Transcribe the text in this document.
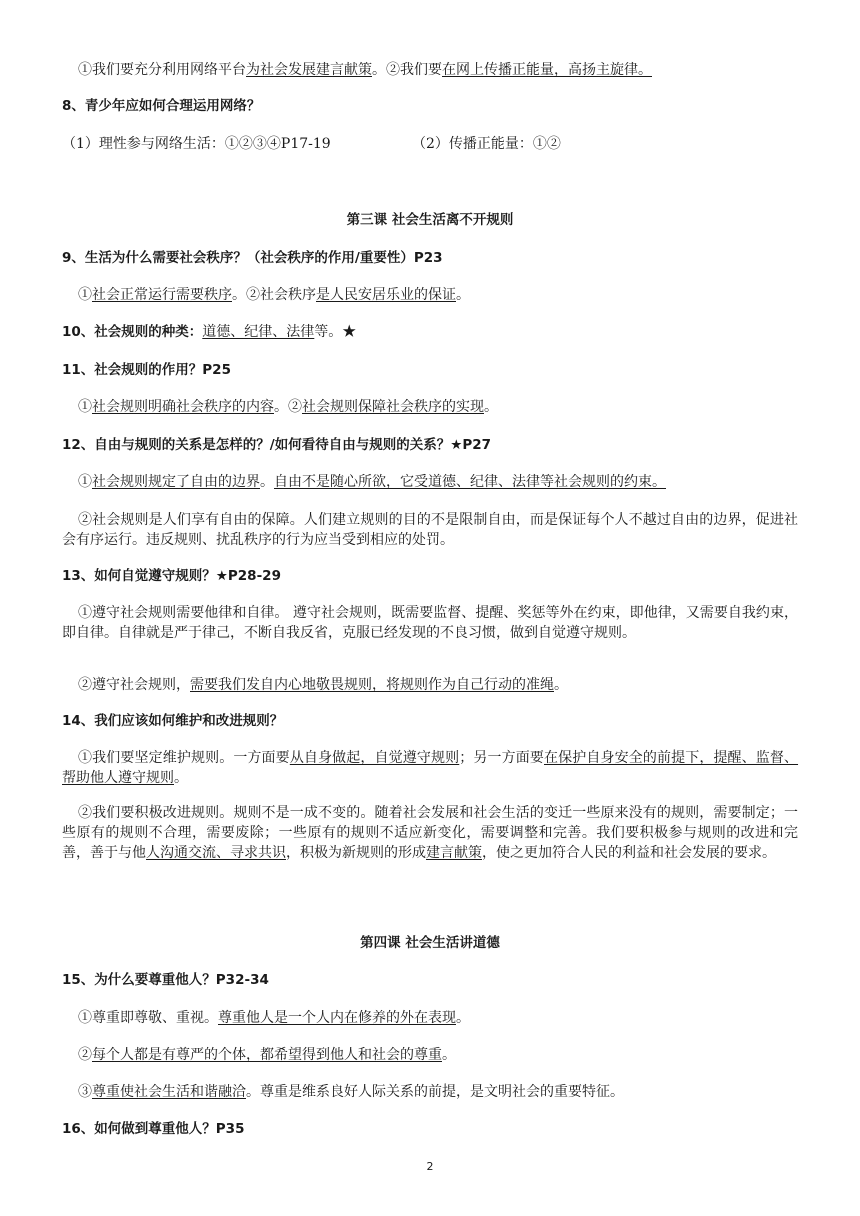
①我们要充分利用网络平台为社会发展建言献策。②我们要在网上传播正能量，高扬主旋律。
8、青少年应如何合理运用网络？
（1）理性参与网络生活：①②③④P17-19	（2）传播正能量：①②
第三课 社会生活离不开规则
9、生活为什么需要社会秩序？（社会秩序的作用/重要性）P23
①社会正常运行需要秩序。②社会秩序是人民安居乐业的保证。
10、社会规则的种类：道德、纪律、法律等。★
11、社会规则的作用？P25
①社会规则明确社会秩序的内容。②社会规则保障社会秩序的实现。
12、自由与规则的关系是怎样的？/如何看待自由与规则的关系？★P27
①社会规则规定了自由的边界。自由不是随心所欲，它受道德、纪律、法律等社会规则的约束。
②社会规则是人们享有自由的保障。人们建立规则的目的不是限制自由，而是保证每个人不越过自由的边界，促进社会有序运行。违反规则、扰乱秩序的行为应当受到相应的处罚。
13、如何自觉遵守规则？★P28-29
①遵守社会规则需要他律和自律。 遵守社会规则，既需要监督、提醒、奖惩等外在约束，即他律，又需要自我约束，即自律。自律就是严于律己，不断自我反省，克服已经发现的不良习惯，做到自觉遵守规则。
②遵守社会规则，需要我们发自内心地敬畏规则，将规则作为自己行动的准绳。
14、我们应该如何维护和改进规则？
①我们要坚定维护规则。一方面要从自身做起，自觉遵守规则；另一方面要在保护自身安全的前提下，提醒、监督、帮助他人遵守规则。
②我们要积极改进规则。规则不是一成不变的。随着社会发展和社会生活的变迁一些原来没有的规则，需要制定；一些原有的规则不合理，需要废除；一些原有的规则不适应新变化，需要调整和完善。我们要积极参与规则的改进和完善，善于与他人沟通交流、寻求共识，积极为新规则的形成建言献策，使之更加符合人民的利益和社会发展的要求。
第四课 社会生活讲道德
15、为什么要尊重他人？P32-34
①尊重即尊敬、重视。尊重他人是一个人内在修养的外在表现。
②每个人都是有尊严的个体，都希望得到他人和社会的尊重。
③尊重使社会生活和谐融洽。尊重是维系良好人际关系的前提，是文明社会的重要特征。
16、如何做到尊重他人？P35
2
